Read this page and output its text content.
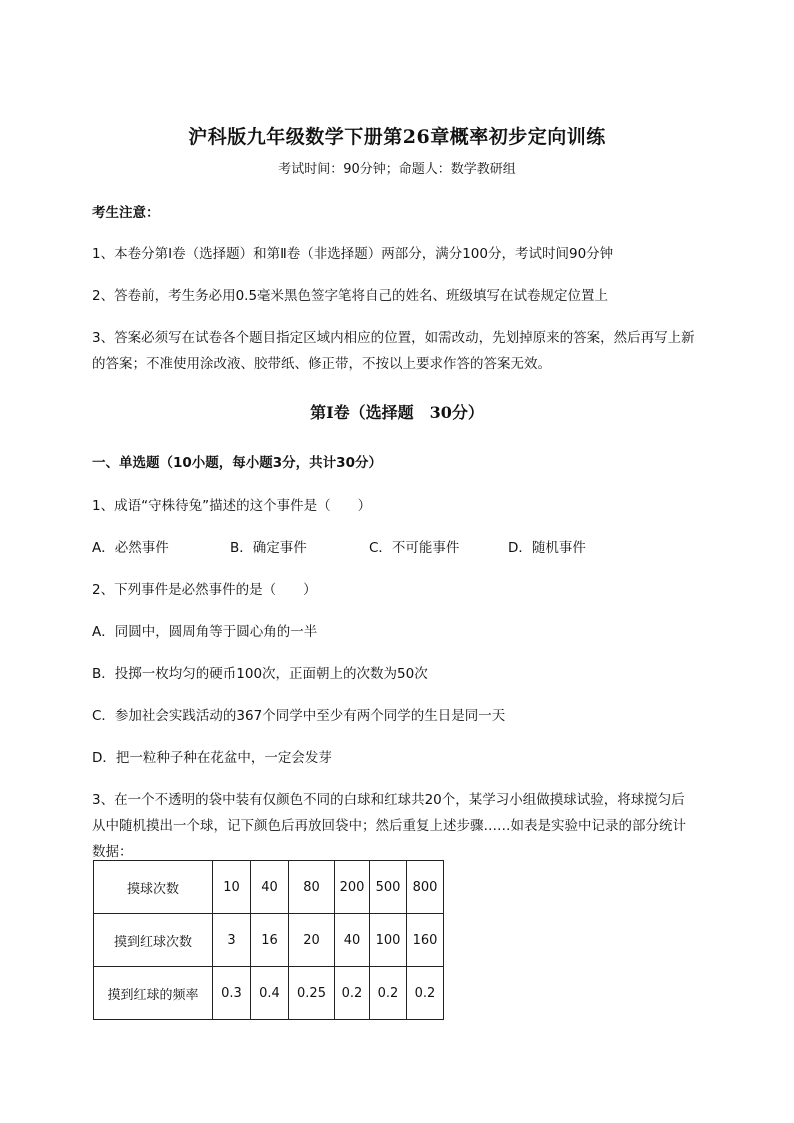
沪科版九年级数学下册第26章概率初步定向训练
考试时间：90分钟；命题人：数学教研组
考生注意：
1、本卷分第I卷（选择题）和第Ⅱ卷（非选择题）两部分，满分100分，考试时间90分钟
2、答卷前，考生务必用0.5毫米黑色签字笔将自己的姓名、班级填写在试卷规定位置上
3、答案必须写在试卷各个题目指定区域内相应的位置，如需改动，先划掉原来的答案，然后再写上新
的答案；不准使用涂改液、胶带纸、修正带，不按以上要求作答的答案无效。
第I卷（选择题　30分）
一、单选题（10小题，每小题3分，共计30分）
1、成语“守株待兔”描述的这个事件是（　　）
A．必然事件	B．确定事件	C．不可能事件	D．随机事件
2、下列事件是必然事件的是（　　）
A．同圆中，圆周角等于圆心角的一半
B．投掷一枚均匀的硬币100次，正面朝上的次数为50次
C．参加社会实践活动的367个同学中至少有两个同学的生日是同一天
D．把一粒种子种在花盆中，一定会发芽
3、在一个不透明的袋中装有仅颜色不同的白球和红球共20个，某学习小组做摸球试验，将球搅匀后
从中随机摸出一个球，记下颜色后再放回袋中；然后重复上述步骤……如表是实验中记录的部分统计
数据：
摸球次数	10	40	80	200	500	800
摸到红球次数	3	16	20	40	100	160
摸到红球的频率	0.3	0.4	0.25	0.2	0.2	0.2
